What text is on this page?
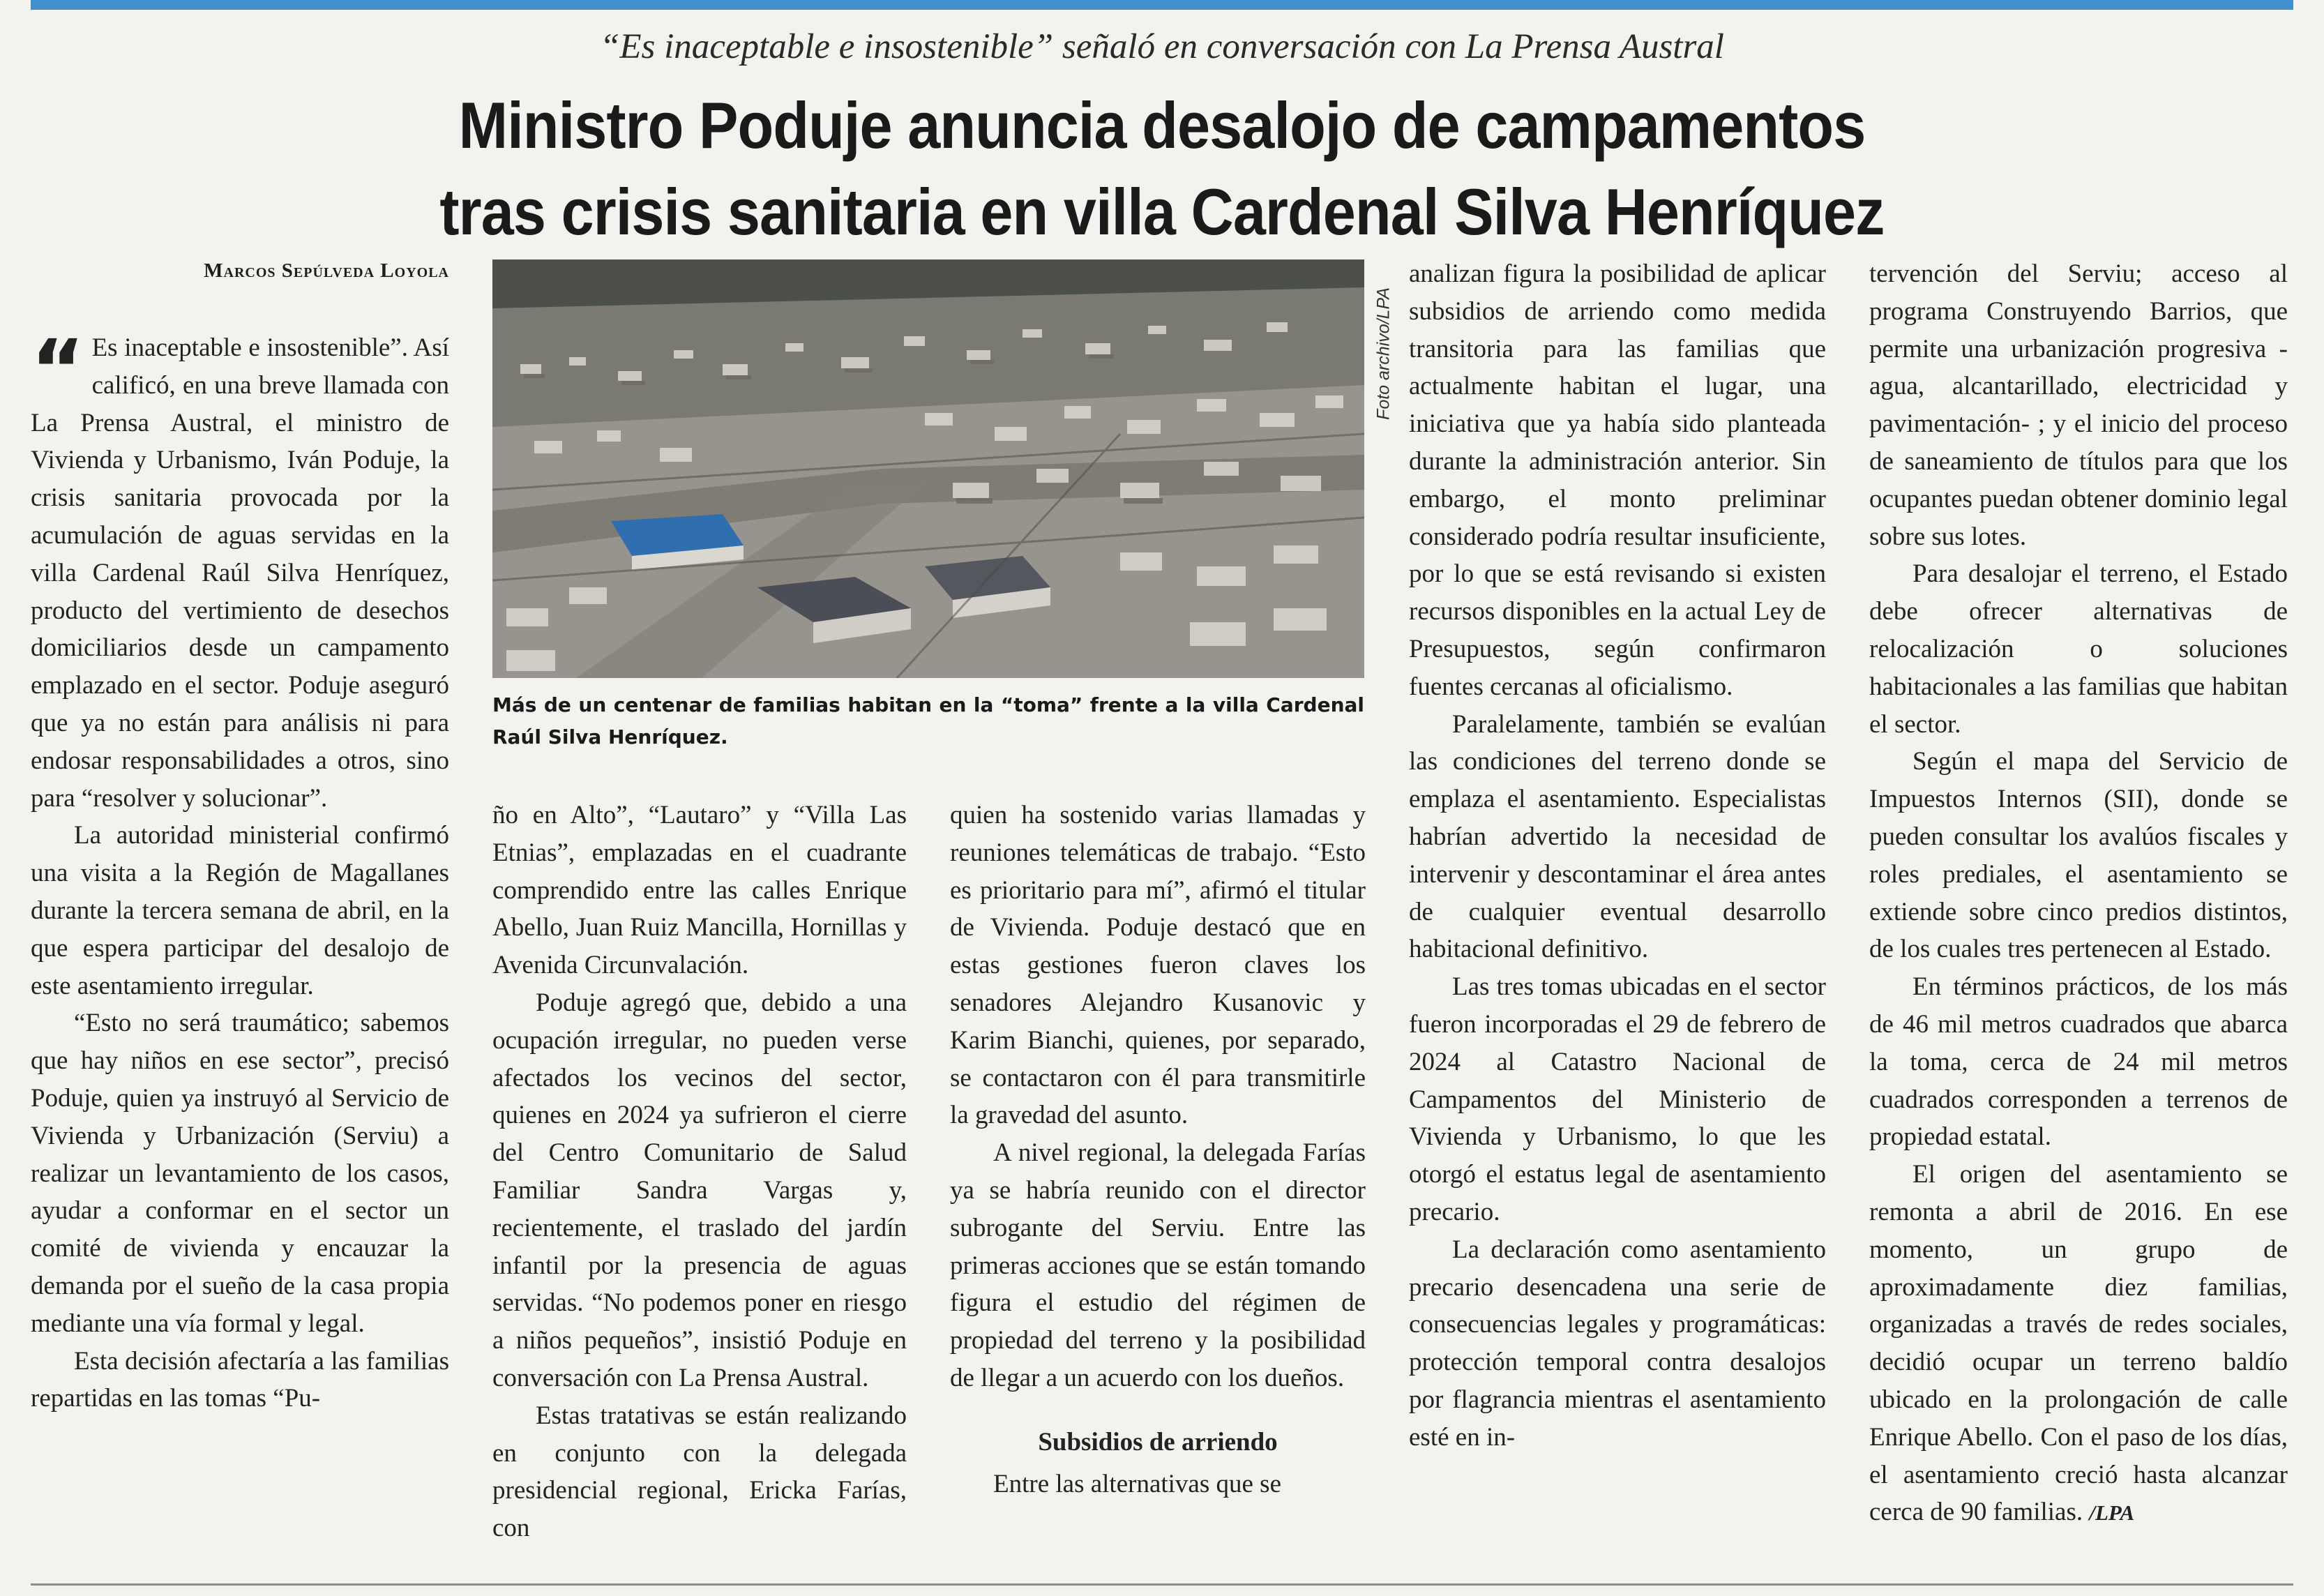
“Es inaceptable e insostenible” señaló en conversación con La Prensa Austral
Ministro Poduje anuncia desalojo de campamentos
tras crisis sanitaria en villa Cardenal Silva Henríquez
Marcos Sepúlveda Loyola

“ Es inaceptable e insostenible”. Así calificó, en una breve llamada con La Prensa Austral, el ministro de Vivienda y Urbanismo, Iván Poduje, la crisis sanitaria provocada por la acumulación de aguas servidas en la villa Cardenal Raúl Silva Henríquez, producto del vertimiento de desechos domiciliarios desde un campamento emplazado en el sector. Poduje aseguró que ya no están para análisis ni para endosar responsabilidades a otros, sino para “resolver y solucionar”.

La autoridad ministerial confirmó una visita a la Región de Magallanes durante la tercera semana de abril, en la que espera participar del desalojo de este asentamiento irregular.

“Esto no será traumático; sabemos que hay niños en ese sector”, precisó Poduje, quien ya instruyó al Servicio de Vivienda y Urbanización (Serviu) a realizar un levantamiento de los casos, ayudar a conformar en el sector un comité de vivienda y encauzar la demanda por el sueño de la casa propia mediante una vía formal y legal.

Esta decisión afectaría a las familias repartidas en las tomas “Pu-

Foto archivo/LPA
Más de un centenar de familias habitan en la “toma” frente a la villa Cardenal Raúl Silva Henríquez.

ño en Alto”, “Lautaro” y “Villa Las Etnias”, emplazadas en el cuadrante comprendido entre las calles Enrique Abello, Juan Ruiz Mancilla, Hornillas y Avenida Circunvalación.

Poduje agregó que, debido a una ocupación irregular, no pueden verse afectados los vecinos del sector, quienes en 2024 ya sufrieron el cierre del Centro Comunitario de Salud Familiar Sandra Vargas y, recientemente, el traslado del jardín infantil por la presencia de aguas servidas. “No podemos poner en riesgo a niños pequeños”, insistió Poduje en conversación con La Prensa Austral.

Estas tratativas se están realizando en conjunto con la delegada presidencial regional, Ericka Farías, con

quien ha sostenido varias llamadas y reuniones telemáticas de trabajo. “Esto es prioritario para mí”, afirmó el titular de Vivienda. Poduje destacó que en estas gestiones fueron claves los senadores Alejandro Kusanovic y Karim Bianchi, quienes, por separado, se contactaron con él para transmitirle la gravedad del asunto.

A nivel regional, la delegada Farías ya se habría reunido con el director subrogante del Serviu. Entre las primeras acciones que se están tomando figura el estudio del régimen de propiedad del terreno y la posibilidad de llegar a un acuerdo con los dueños.

Subsidios de arriendo

Entre las alternativas que se

analizan figura la posibilidad de aplicar subsidios de arriendo como medida transitoria para las familias que actualmente habitan el lugar, una iniciativa que ya había sido planteada durante la administración anterior. Sin embargo, el monto preliminar considerado podría resultar insuficiente, por lo que se está revisando si existen recursos disponibles en la actual Ley de Presupuestos, según confirmaron fuentes cercanas al oficialismo.

Paralelamente, también se evalúan las condiciones del terreno donde se emplaza el asentamiento. Especialistas habrían advertido la necesidad de intervenir y descontaminar el área antes de cualquier eventual desarrollo habitacional definitivo.

Las tres tomas ubicadas en el sector fueron incorporadas el 29 de febrero de 2024 al Catastro Nacional de Campamentos del Ministerio de Vivienda y Urbanismo, lo que les otorgó el estatus legal de asentamiento precario.

La declaración como asentamiento precario desencadena una serie de consecuencias legales y programáticas: protección temporal contra desalojos por flagrancia mientras el asentamiento esté en in-

tervención del Serviu; acceso al programa Construyendo Barrios, que permite una urbanización progresiva -agua, alcantarillado, electricidad y pavimentación- ; y el inicio del proceso de saneamiento de títulos para que los ocupantes puedan obtener dominio legal sobre sus lotes.

Para desalojar el terreno, el Estado debe ofrecer alternativas de relocalización o soluciones habitacionales a las familias que habitan el sector.

Según el mapa del Servicio de Impuestos Internos (SII), donde se pueden consultar los avalúos fiscales y roles prediales, el asentamiento se extiende sobre cinco predios distintos, de los cuales tres pertenecen al Estado.

En términos prácticos, de los más de 46 mil metros cuadrados que abarca la toma, cerca de 24 mil metros cuadrados corresponden a terrenos de propiedad estatal.

El origen del asentamiento se remonta a abril de 2016. En ese momento, un grupo de aproximadamente diez familias, organizadas a través de redes sociales, decidió ocupar un terreno baldío ubicado en la prolongación de calle Enrique Abello. Con el paso de los días, el asentamiento creció hasta alcanzar cerca de 90 familias. /LPA
